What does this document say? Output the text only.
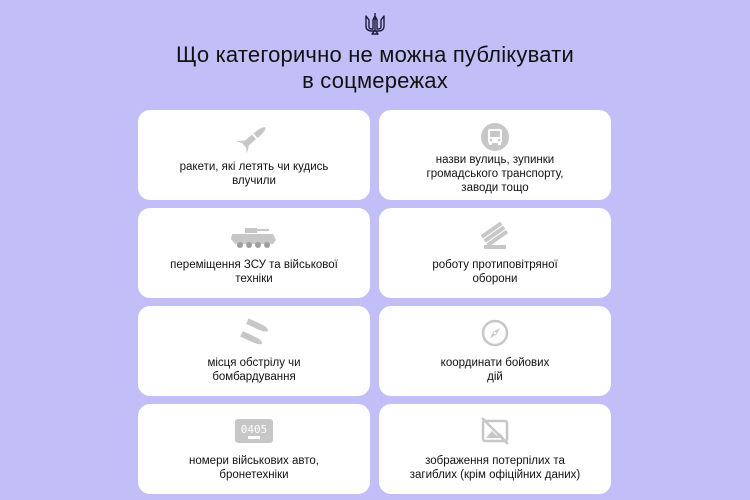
Що категорично не можна публікувати
в соцмережах
ракети, які летять чи кудись
влучили
назви вулиць, зупинки
громадського транспорту,
заводи тощо
переміщення ЗСУ та військової
техніки
роботу протиповітряної
оборони
місця обстрілу чи
бомбардування
координати бойових
дій
0405
номери військових авто,
бронетехніки
зображення потерпілих та
загиблих (крім офіційних даних)
